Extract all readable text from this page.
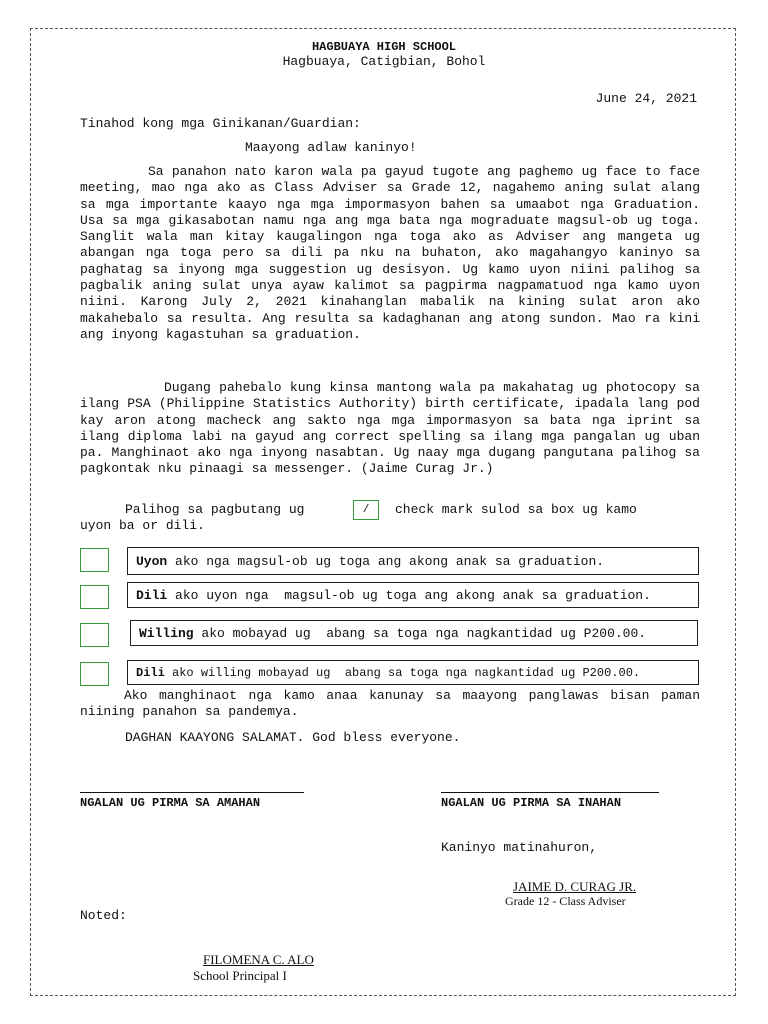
HAGBUAYA HIGH SCHOOL
Hagbuaya, Catigbian, Bohol
June 24, 2021
Tinahod kong mga Ginikanan/Guardian:
Maayong adlaw kaninyo!
Sa panahon nato karon wala pa gayud tugote ang paghemo ug face to face meeting, mao nga ako as Class Adviser sa Grade 12, nagahemo aning sulat alang sa mga importante kaayo nga mga impormasyon bahen sa umaabot nga Graduation. Usa sa mga gikasabotan namu nga ang mga bata nga mograduate magsul-ob ug toga. Sanglit wala man kitay kaugalingon nga toga ako as Adviser ang mangeta ug abangan nga toga pero sa dili pa nku na buhaton, ako magahangyo kaninyo sa paghatag sa inyong mga suggestion ug desisyon. Ug kamo uyon niini palihog sa pagbalik aning sulat unya ayaw kalimot sa pagpirma nagpamatuod nga kamo uyon niini. Karong July 2, 2021 kinahanglan mabalik na kining sulat aron ako makahebalo sa resulta. Ang resulta sa kadaghanan ang atong sundon. Mao ra kini ang inyong kagastuhan sa graduation.
Dugang pahebalo kung kinsa mantong wala pa makahatag ug photocopy sa ilang PSA (Philippine Statistics Authority) birth certificate, ipadala lang pod kay aron atong macheck ang sakto nga mga impormasyon sa bata nga iprint sa ilang diploma labi na gayud ang correct spelling sa ilang mga pangalan ug uban pa. Manghinaot ako nga inyong nasabtan. Ug naay mga dugang pangutana palihog sa pagkontak nku pinaagi sa messenger. (Jaime Curag Jr.)
Palihog sa pagbutang ug	/ check mark sulod sa box ug kamo
uyon ba or dili.
Uyon ako nga magsul-ob ug toga ang akong anak sa graduation.
Dili ako uyon nga  magsul-ob ug toga ang akong anak sa graduation.
Willing ako mobayad ug  abang sa toga nga nagkantidad ug P200.00.
Dili ako willing mobayad ug  abang sa toga nga nagkantidad ug P200.00.
Ako manghinaot nga kamo anaa kanunay sa maayong panglawas bisan paman niining panahon sa pandemya.
DAGHAN KAAYONG SALAMAT. God bless everyone.
NGALAN UG PIRMA SA AMAHAN	NGALAN UG PIRMA SA INAHAN
Kaninyo matinahuron,
JAIME D. CURAG JR.
Grade 12 - Class Adviser
Noted:
FILOMENA C. ALO
School Principal I
